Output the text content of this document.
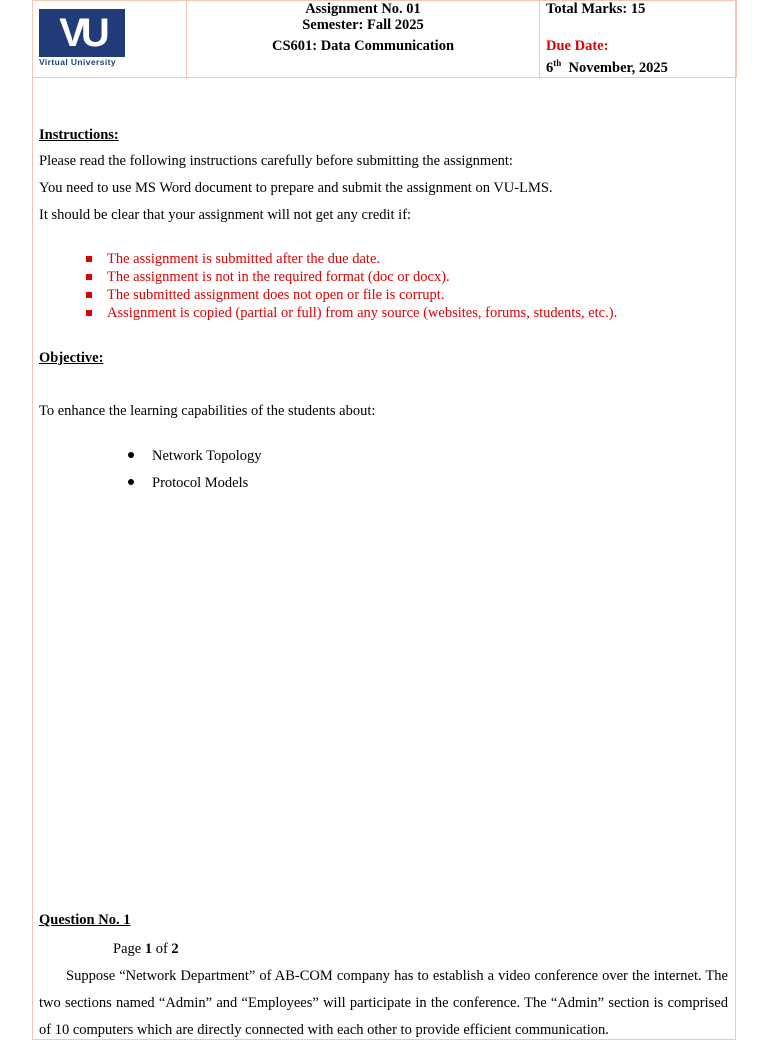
VU
Virtual University

Assignment No. 01
Semester: Fall 2025
CS601: Data Communication

Total Marks: 15
Due Date:
6th November, 2025
Instructions:
Please read the following instructions carefully before submitting the assignment:
You need to use MS Word document to prepare and submit the assignment on VU-LMS.
It should be clear that your assignment will not get any credit if:
The assignment is submitted after the due date.
The assignment is not in the required format (doc or docx).
The submitted assignment does not open or file is corrupt.
Assignment is copied (partial or full) from any source (websites, forums, students, etc.).
Objective:
To enhance the learning capabilities of the students about:
Network Topology
Protocol Models
Question No. 1
Page 1 of 2
Suppose “Network Department” of AB-COM company has to establish a video conference over the internet. The two sections named “Admin” and “Employees” will participate in the conference. The “Admin” section is comprised of 10 computers which are directly connected with each other to provide efficient communication.
